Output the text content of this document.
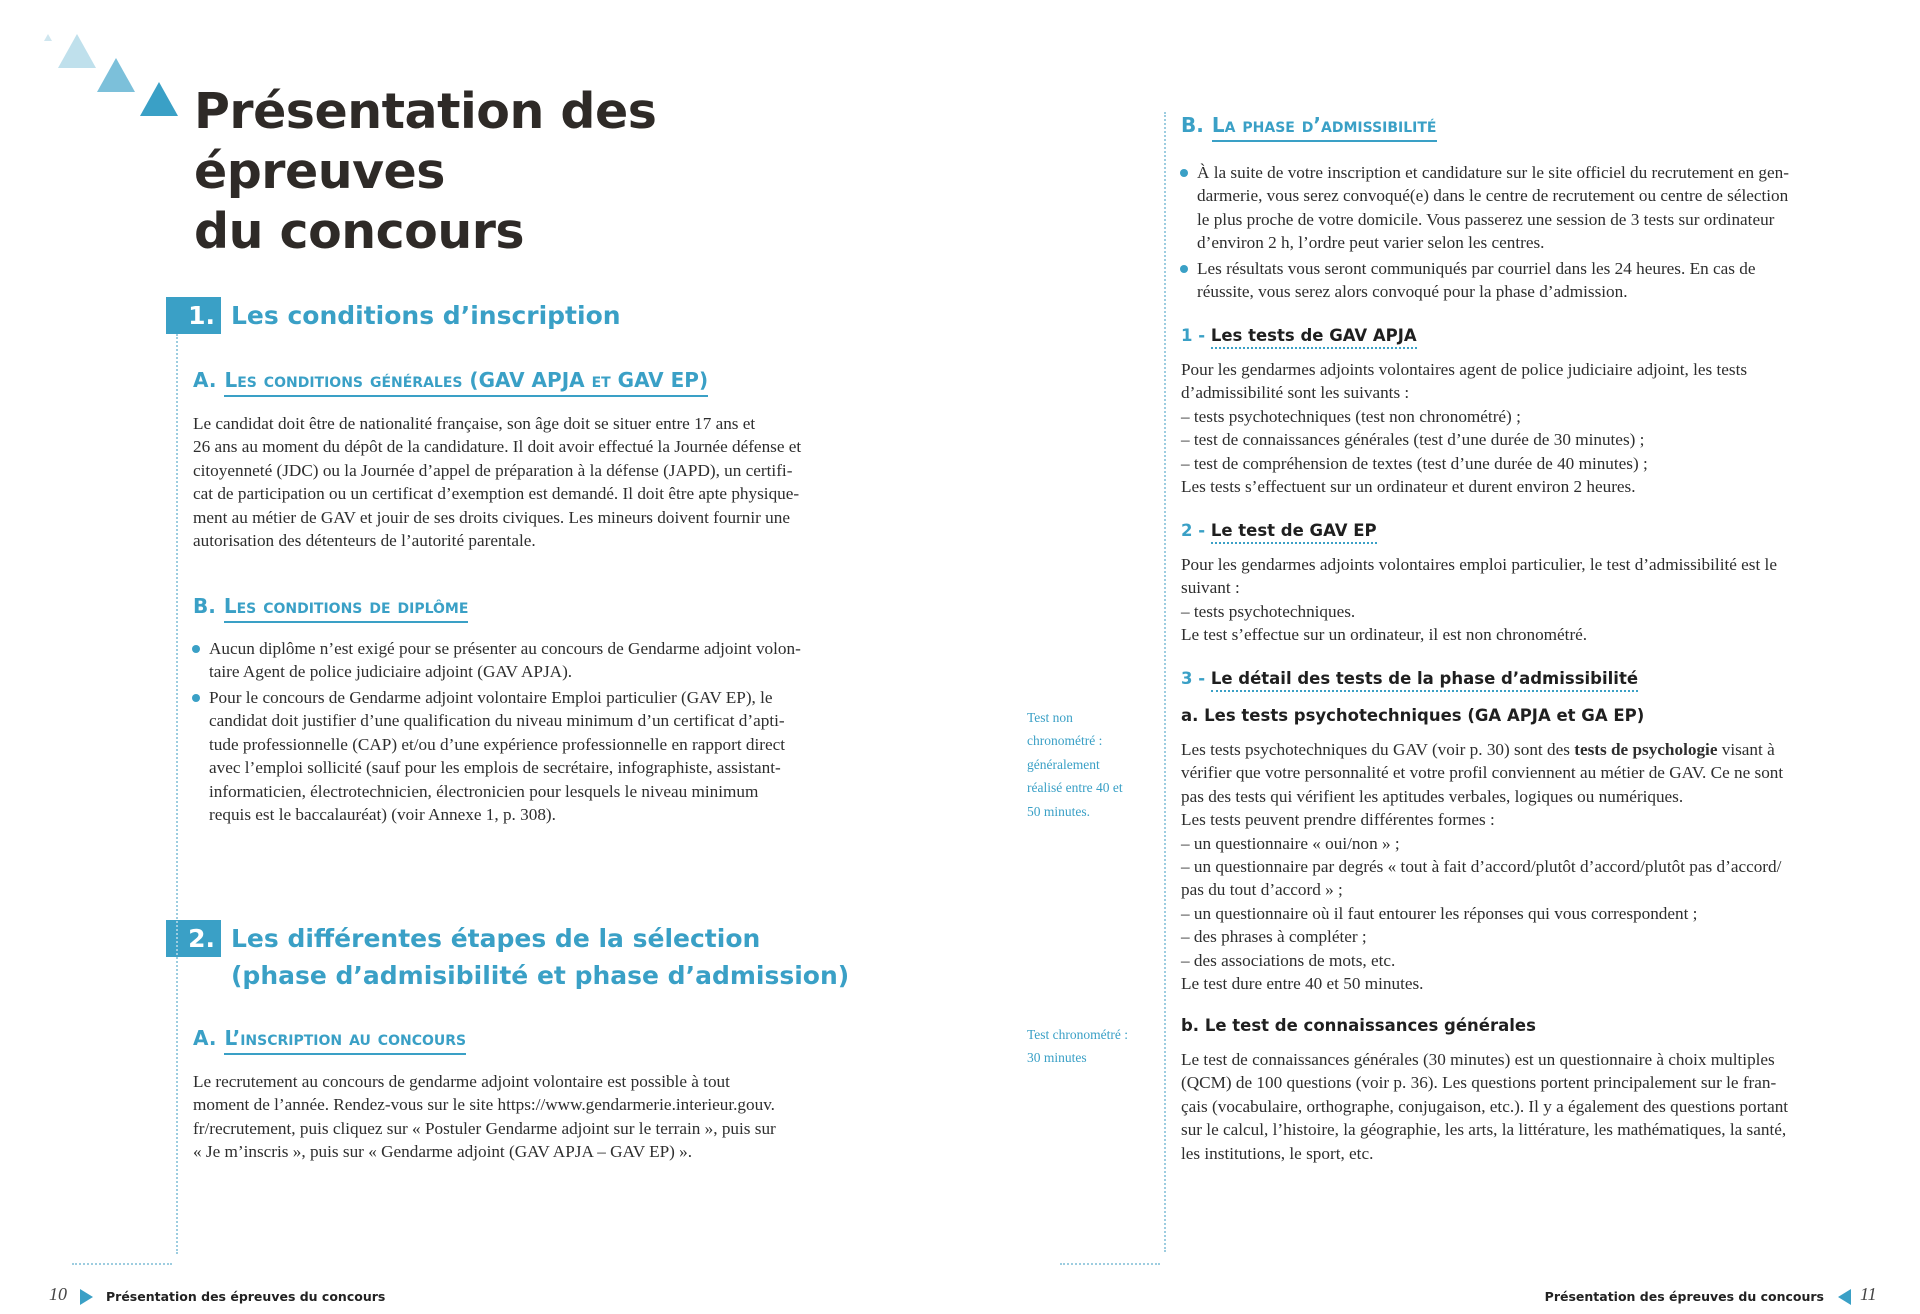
Présentation des épreuves
du concours
1. Les conditions d’inscription
A. Les conditions générales (GAV APJA et GAV EP)
Le candidat doit être de nationalité française, son âge doit se situer entre 17 ans et
26 ans au moment du dépôt de la candidature. Il doit avoir effectué la Journée défense et
citoyenneté (JDC) ou la Journée d’appel de préparation à la défense (JAPD), un certifi-
cat de participation ou un certificat d’exemption est demandé. Il doit être apte physique-
ment au métier de GAV et jouir de ses droits civiques. Les mineurs doivent fournir une
autorisation des détenteurs de l’autorité parentale.
B. Les conditions de diplôme
Aucun diplôme n’est exigé pour se présenter au concours de Gendarme adjoint volon-
taire Agent de police judiciaire adjoint (GAV APJA).
Pour le concours de Gendarme adjoint volontaire Emploi particulier (GAV EP), le
candidat doit justifier d’une qualification du niveau minimum d’un certificat d’apti-
tude professionnelle (CAP) et/ou d’une expérience professionnelle en rapport direct
avec l’emploi sollicité (sauf pour les emplois de secrétaire, infographiste, assistant-
informaticien, électrotechnicien, électronicien pour lesquels le niveau minimum
requis est le baccalauréat) (voir Annexe 1, p. 308).
2. Les différentes étapes de la sélection
(phase d’admisibilité et phase d’admission)
A. L’inscription au concours
Le recrutement au concours de gendarme adjoint volontaire est possible à tout
moment de l’année. Rendez-vous sur le site https://www.gendarmerie.interieur.gouv.
fr/recrutement, puis cliquez sur « Postuler Gendarme adjoint sur le terrain », puis sur
« Je m’inscris », puis sur « Gendarme adjoint (GAV APJA – GAV EP) ».
Test non
chronométré :
généralement
réalisé entre 40 et
50 minutes.
Test chronométré :
30 minutes
B. La phase d’admissibilité
À la suite de votre inscription et candidature sur le site officiel du recrutement en gen-
darmerie, vous serez convoqué(e) dans le centre de recrutement ou centre de sélection
le plus proche de votre domicile. Vous passerez une session de 3 tests sur ordinateur
d’environ 2 h, l’ordre peut varier selon les centres.
Les résultats vous seront communiqués par courriel dans les 24 heures. En cas de
réussite, vous serez alors convoqué pour la phase d’admission.
1 - Les tests de GAV APJA
Pour les gendarmes adjoints volontaires agent de police judiciaire adjoint, les tests
d’admissibilité sont les suivants :
– tests psychotechniques (test non chronométré) ;
– test de connaissances générales (test d’une durée de 30 minutes) ;
– test de compréhension de textes (test d’une durée de 40 minutes) ;
Les tests s’effectuent sur un ordinateur et durent environ 2 heures.
2 - Le test de GAV EP
Pour les gendarmes adjoints volontaires emploi particulier, le test d’admissibilité est le
suivant :
– tests psychotechniques.
Le test s’effectue sur un ordinateur, il est non chronométré.
3 - Le détail des tests de la phase d’admissibilité
a. Les tests psychotechniques (GA APJA et GA EP)
Les tests psychotechniques du GAV (voir p. 30) sont des tests de psychologie visant à
vérifier que votre personnalité et votre profil conviennent au métier de GAV. Ce ne sont
pas des tests qui vérifient les aptitudes verbales, logiques ou numériques.
Les tests peuvent prendre différentes formes :
– un questionnaire « oui/non » ;
– un questionnaire par degrés « tout à fait d’accord/plutôt d’accord/plutôt pas d’accord/
pas du tout d’accord » ;
– un questionnaire où il faut entourer les réponses qui vous correspondent ;
– des phrases à compléter ;
– des associations de mots, etc.
Le test dure entre 40 et 50 minutes.
b. Le test de connaissances générales
Le test de connaissances générales (30 minutes) est un questionnaire à choix multiples
(QCM) de 100 questions (voir p. 36). Les questions portent principalement sur le fran-
çais (vocabulaire, orthographe, conjugaison, etc.). Il y a également des questions portant
sur le calcul, l’histoire, la géographie, les arts, la littérature, les mathématiques, la santé,
les institutions, le sport, etc.
10	Présentation des épreuves du concours	Présentation des épreuves du concours 11
